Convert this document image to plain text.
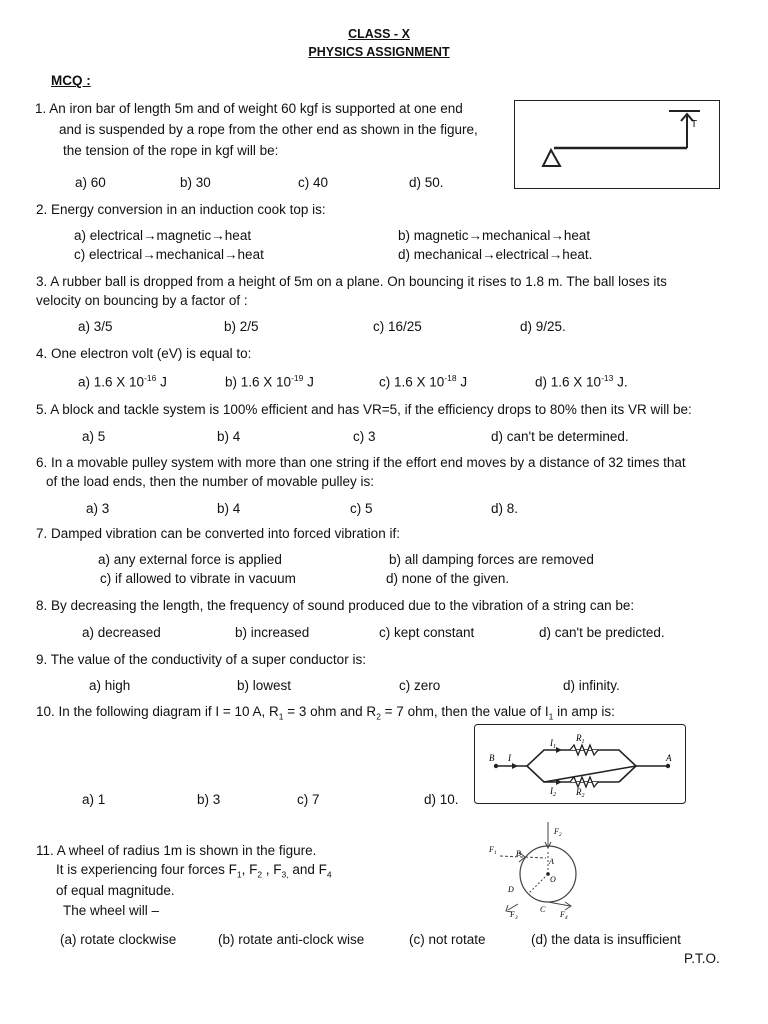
CLASS - X
PHYSICS ASSIGNMENT
MCQ :
1. An iron bar of length 5m and of weight 60 kgf is supported at one end
and is suspended by a rope from the other end as shown in the figure,
the tension of the rope in kgf will be:
a) 60	b) 30	c) 40	d) 50.
T
2. Energy conversion in an induction cook top is:
a) electrical→magnetic→heat	b) magnetic→mechanical→heat
c) electrical→mechanical→heat	d) mechanical→electrical→heat.
3. A rubber ball is dropped from a height of 5m on a plane. On bouncing it rises to 1.8 m. The ball loses its
velocity on bouncing by a factor of :
a) 3/5	b) 2/5	c) 16/25	d) 9/25.
4. One electron volt (eV) is equal to:
a) 1.6 X $10^{-16}$ J	b) 1.6 X $10^{-19}$ J	c) 1.6 X $10^{-18}$ J	d) 1.6 X $10^{-13}$ J.
5. A block and tackle system is 100% efficient and has VR=5, if the efficiency drops to 80% then its VR will be:
a) 5	b) 4	c) 3	d) can't be determined.
6. In a movable pulley system with more than one string if the effort end moves by a distance of 32 times that
of the load ends, then the number of movable pulley is:
a) 3	b) 4	c) 5	d) 8.
7. Damped vibration can be converted into forced vibration if:
a) any external force is applied	b) all damping forces are removed
c) if allowed to vibrate in vacuum	d) none of the given.
8. By decreasing the length, the frequency of sound produced due to the vibration of a string can be:
a) decreased	b) increased	c) kept constant	d) can't be predicted.
9. The value of the conductivity of a super conductor is:
a) high	b) lowest	c) zero	d) infinity.
10. In the following diagram if I = 10 A, $R_1 = 3$ ohm and $R_2 = 7$ ohm, then the value of $I_1$ in amp is:
a) 1	b) 3	c) 7	d) 10.
B I
$I_1$
$R_1$
$I_2$ $R_2$
A
11. A wheel of radius 1m is shown in the figure.
It is experiencing four forces $F_1$, $F_2$ , $F_{3,}$ and $F_4$
of equal magnitude.
The wheel will –
$F_1$
$F_2$
$F_3$	$F_4$
B
A
O
D
C
(a) rotate clockwise	(b) rotate anti-clock wise	(c) not rotate	(d) the data is insufficient
P.T.O.
